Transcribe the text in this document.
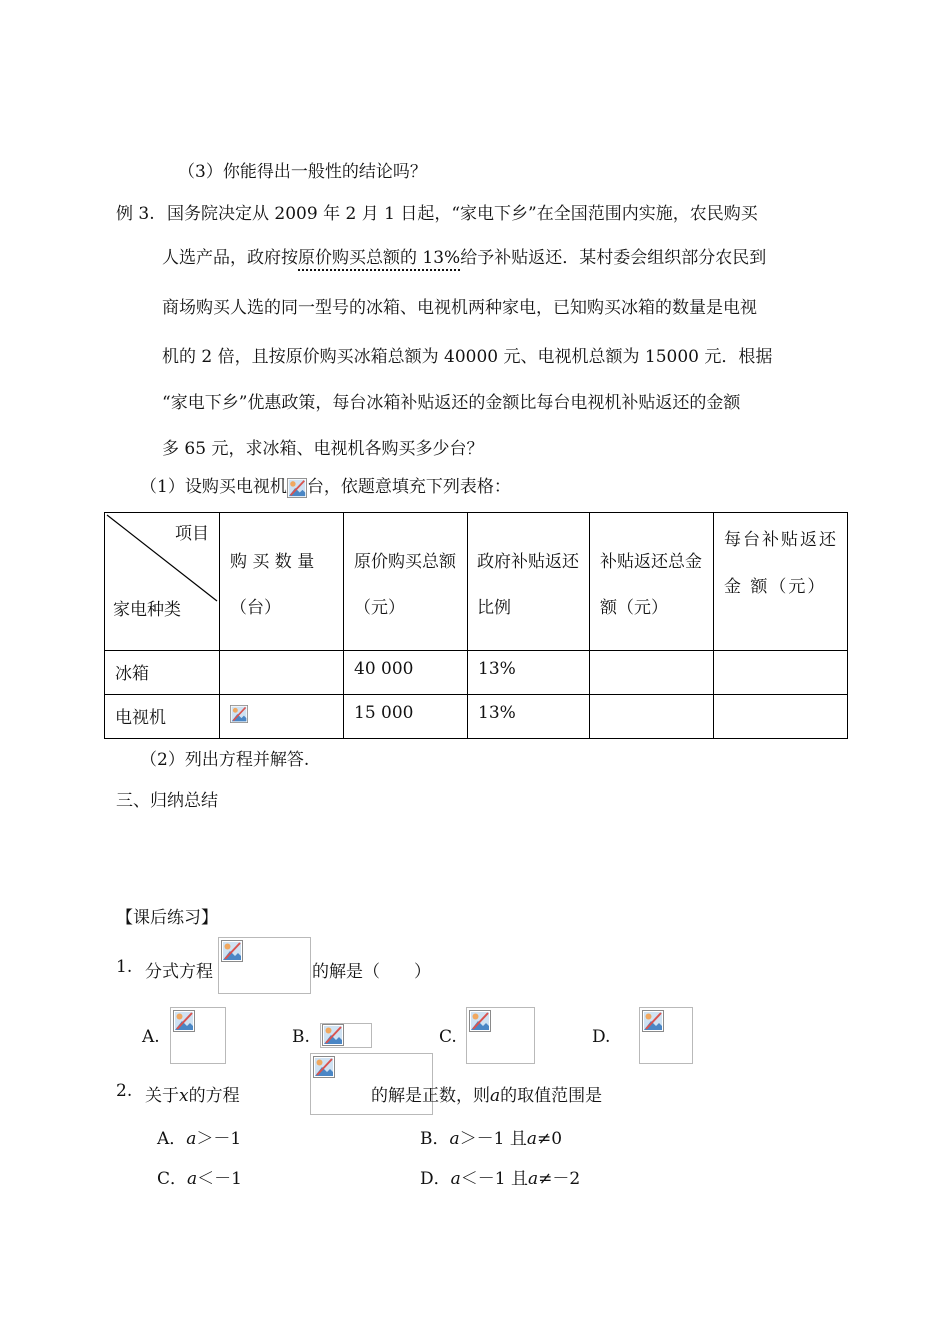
（3）你能得出一般性的结论吗？
例 3. 国务院决定从 2009 年 2 月 1 日起，“家电下乡”在全国范围内实施，农民购买
人选产品，政府按原价购买总额的 13%给予补贴返还．某村委会组织部分农民到
商场购买人选的同一型号的冰箱、电视机两种家电，已知购买冰箱的数量是电视
机的 2 倍，且按原价购买冰箱总额为 40000 元、电视机总额为 15000 元．根据
“家电下乡”优惠政策，每台冰箱补贴返还的金额比每台电视机补贴返还的金额
多 65 元，求冰箱、电视机各购买多少台？
（1）设购买电视机 台，依题意填充下列表格：
项目
家电种类	购 买 数 量（台）	原价购买总额（元）	政府补贴返还比例	补贴返还总金额（元）	每台补贴返还 金 额（元）

冰箱		40 000	13%		

电视机		15 000	13%		

（2）列出方程并解答.
三、归纳总结
【课后练习】
1. 分式方程	的解是（　　）
A.	B.	C.	D.
2. 关于x的方程	的解是正数，则a的取值范围是
A．a＞－1	B．a＞－1 且a≠0
C．a＜－1	D．a＜－1 且a≠－2
